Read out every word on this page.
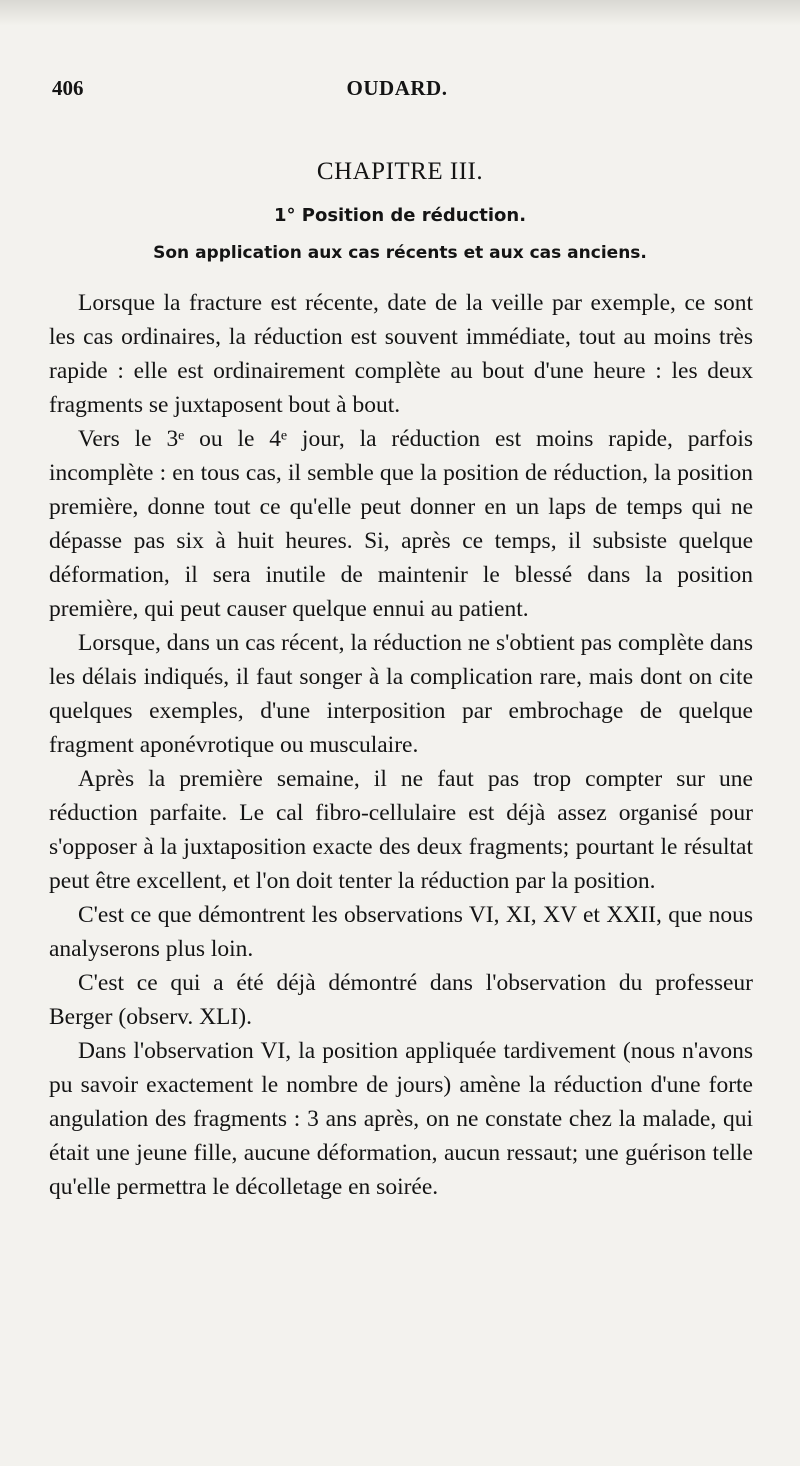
406	OUDARD.
CHAPITRE III.
1° Position de réduction.
Son application aux cas récents et aux cas anciens.

Lorsque la fracture est récente, date de la veille par exemple, ce sont les cas ordinaires, la réduction est souvent immédiate, tout au moins très rapide : elle est ordinairement complète au bout d'une heure : les deux fragments se juxtaposent bout à bout.

Vers le 3ᵉ ou le 4ᵉ jour, la réduction est moins rapide, parfois incomplète : en tous cas, il semble que la position de réduction, la position première, donne tout ce qu'elle peut donner en un laps de temps qui ne dépasse pas six à huit heures. Si, après ce temps, il subsiste quelque déformation, il sera inutile de maintenir le blessé dans la position première, qui peut causer quelque ennui au patient.

Lorsque, dans un cas récent, la réduction ne s'obtient pas complète dans les délais indiqués, il faut songer à la complication rare, mais dont on cite quelques exemples, d'une interposition par embrochage de quelque fragment aponévrotique ou musculaire.

Après la première semaine, il ne faut pas trop compter sur une réduction parfaite. Le cal fibro-cellulaire est déjà assez organisé pour s'opposer à la juxtaposition exacte des deux fragments; pourtant le résultat peut être excellent, et l'on doit tenter la réduction par la position.

C'est ce que démontrent les observations VI, XI, XV et XXII, que nous analyserons plus loin.

C'est ce qui a été déjà démontré dans l'observation du professeur Berger (observ. XLI).

Dans l'observation VI, la position appliquée tardivement (nous n'avons pu savoir exactement le nombre de jours) amène la réduction d'une forte angulation des fragments : 3 ans après, on ne constate chez la malade, qui était une jeune fille, aucune déformation, aucun ressaut; une guérison telle qu'elle permettra le décolletage en soirée.
